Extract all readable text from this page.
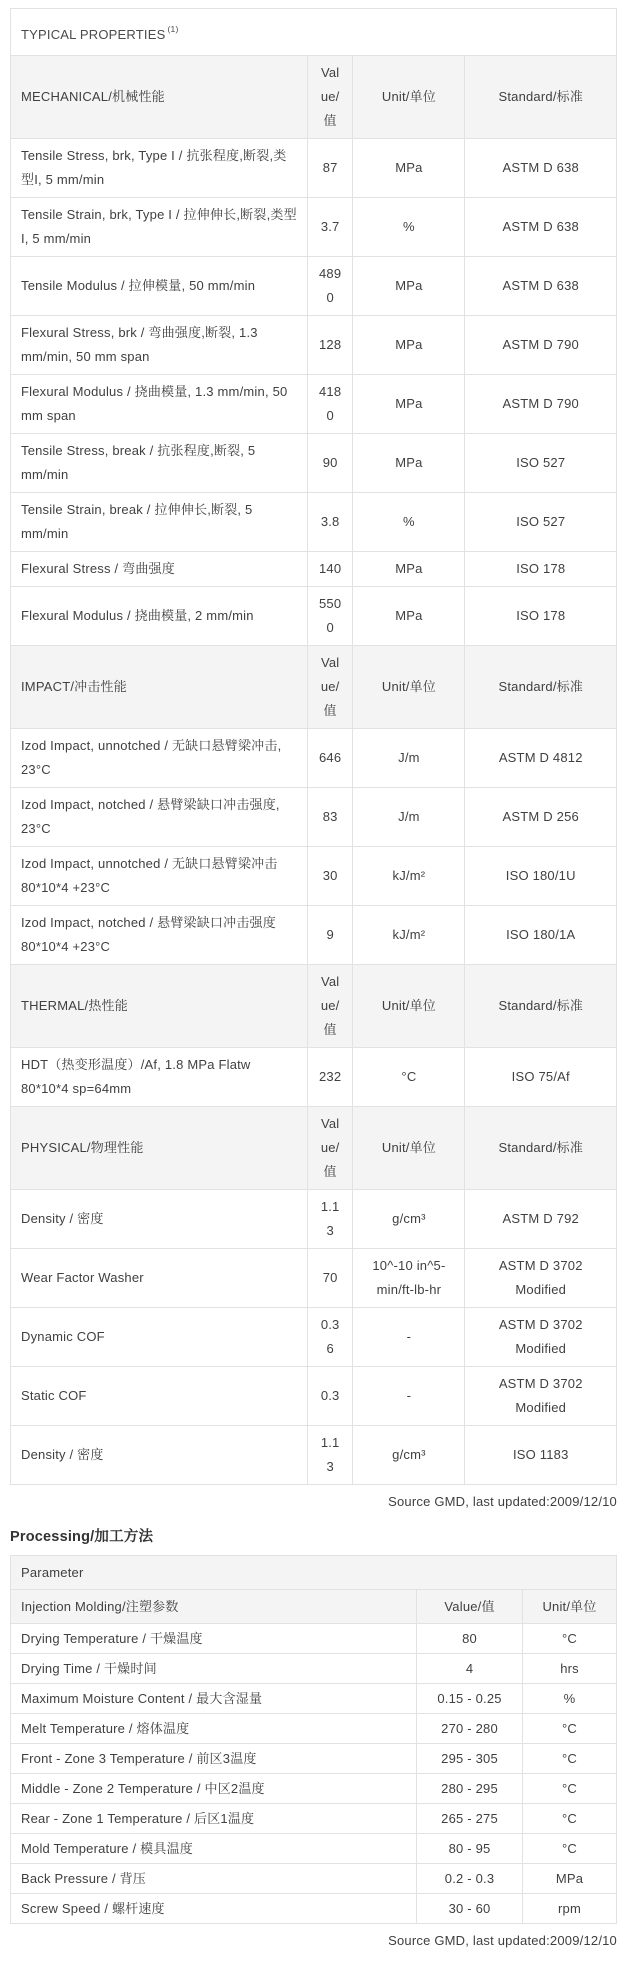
TYPICAL PROPERTIES $^{(1)}$
MECHANICAL/机械性能	Value/值	Unit/单位	Standard/标准
Tensile Stress, brk, Type I / 抗张程度,断裂,类型I, 5 mm/min	87	MPa	ASTM D 638
Tensile Strain, brk, Type I / 拉伸伸长,断裂,类型I, 5 mm/min	3.7	%	ASTM D 638
Tensile Modulus / 拉伸模量, 50 mm/min	4890	MPa	ASTM D 638
Flexural Stress, brk / 弯曲强度,断裂, 1.3 mm/min, 50 mm span	128	MPa	ASTM D 790
Flexural Modulus / 挠曲模量, 1.3 mm/min, 50 mm span	4180	MPa	ASTM D 790
Tensile Stress, break / 抗张程度,断裂, 5 mm/min	90	MPa	ISO 527
Tensile Strain, break / 拉伸伸长,断裂, 5 mm/min	3.8	%	ISO 527
Flexural Stress / 弯曲强度	140	MPa	ISO 178
Flexural Modulus / 挠曲模量, 2 mm/min	5500	MPa	ISO 178
IMPACT/冲击性能	Value/值	Unit/单位	Standard/标准
Izod Impact, unnotched / 无缺口悬臂梁冲击, 23°C	646	J/m	ASTM D 4812
Izod Impact, notched / 悬臂梁缺口冲击强度, 23°C	83	J/m	ASTM D 256
Izod Impact, unnotched / 无缺口悬臂梁冲击 80*10*4 +23°C	30	kJ/m²	ISO 180/1U
Izod Impact, notched / 悬臂梁缺口冲击强度 80*10*4 +23°C	9	kJ/m²	ISO 180/1A
THERMAL/热性能	Value/值	Unit/单位	Standard/标准
HDT（热变形温度）/Af, 1.8 MPa Flatw 80*10*4 sp=64mm	232	°C	ISO 75/Af
PHYSICAL/物理性能	Value/值	Unit/单位	Standard/标准
Density / 密度	1.13	g/cm³	ASTM D 792
Wear Factor Washer	70	10^-10 in^5-min/ft-lb-hr	ASTM D 3702 Modified
Dynamic COF	0.36	-	ASTM D 3702 Modified
Static COF	0.3	-	ASTM D 3702 Modified
Density / 密度	1.13	g/cm³	ISO 1183
Source GMD, last updated:2009/12/10
Processing/加工方法
Parameter		
Injection Molding/注塑参数	Value/值	Unit/单位
Drying Temperature / 干燥温度	80	°C
Drying Time / 干燥时间	4	hrs
Maximum Moisture Content / 最大含湿量	0.15 - 0.25	%
Melt Temperature / 熔体温度	270 - 280	°C
Front - Zone 3 Temperature / 前区3温度	295 - 305	°C
Middle - Zone 2 Temperature / 中区2温度	280 - 295	°C
Rear - Zone 1 Temperature / 后区1温度	265 - 275	°C
Mold Temperature / 模具温度	80 - 95	°C
Back Pressure / 背压	0.2 - 0.3	MPa
Screw Speed / 螺杆速度	30 - 60	rpm
Source GMD, last updated:2009/12/10
